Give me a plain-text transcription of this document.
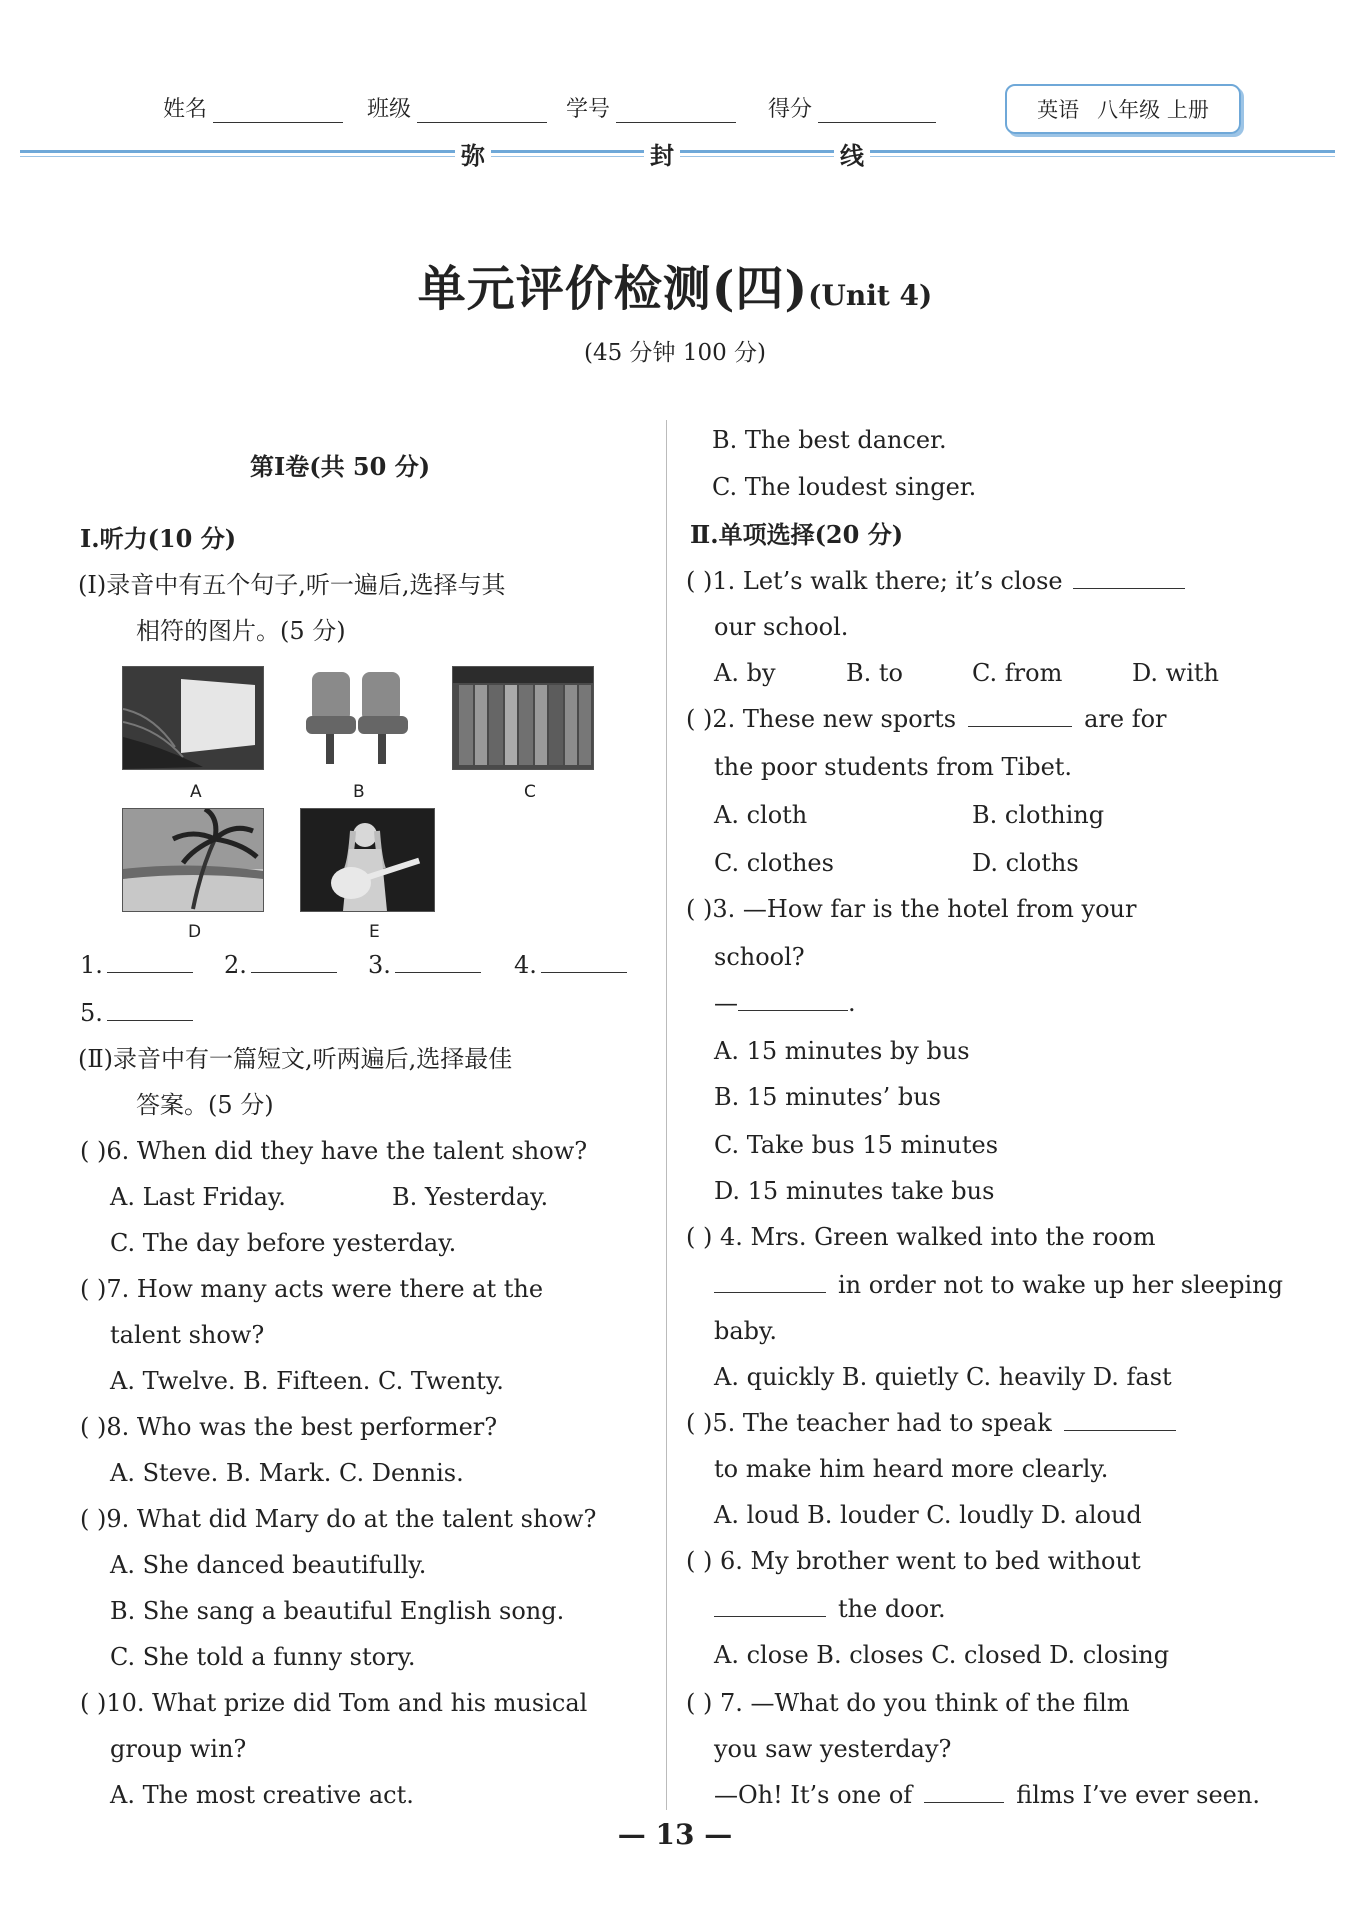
姓名	班级	学号	得分	英语 八年级 上册
弥	封	线
单元评价检测(四)(Unit 4)
(45 分钟 100 分)
第Ⅰ卷(共 50 分)
Ⅰ.听力(10 分)
(Ⅰ)录音中有五个句子,听一遍后,选择与其
相符的图片。(5 分)
A	B	C
D	E
1.	2.	3.	4.
5.
(Ⅱ)录音中有一篇短文,听两遍后,选择最佳
答案。(5 分)
( )6. When did they have the talent show?
A. Last Friday.	B. Yesterday.
C. The day before yesterday.
( )7. How many acts were there at the
talent show?
A. Twelve. B. Fifteen. C. Twenty.
( )8. Who was the best performer?
A. Steve. B. Mark. C. Dennis.
( )9. What did Mary do at the talent show?
A. She danced beautifully.
B. She sang a beautiful English song.
C. She told a funny story.
( )10. What prize did Tom and his musical
group win?
A. The most creative act.
B. The best dancer.
C. The loudest singer.
Ⅱ.单项选择(20 分)
( )1. Let’s walk there; it’s close
our school.
A. by	B. to	C. from	D. with
( )2. These new sports	are for
the poor students from Tibet.
A. cloth	B. clothing
C. clothes	D. cloths
( )3. —How far is the hotel from your
school?
—	.
A. 15 minutes by bus
B. 15 minutes’ bus
C. Take bus 15 minutes
D. 15 minutes take bus
( ) 4. Mrs. Green walked into the room
in order not to wake up her sleeping
baby.
A. quickly B. quietly C. heavily D. fast
( )5. The teacher had to speak
to make him heard more clearly.
A. loud B. louder C. loudly D. aloud
( ) 6. My brother went to bed without
the door.
A. close B. closes C. closed D. closing
( ) 7. —What do you think of the film
you saw yesterday?
—Oh! It’s one of	films I’ve ever seen.
— 13 —
